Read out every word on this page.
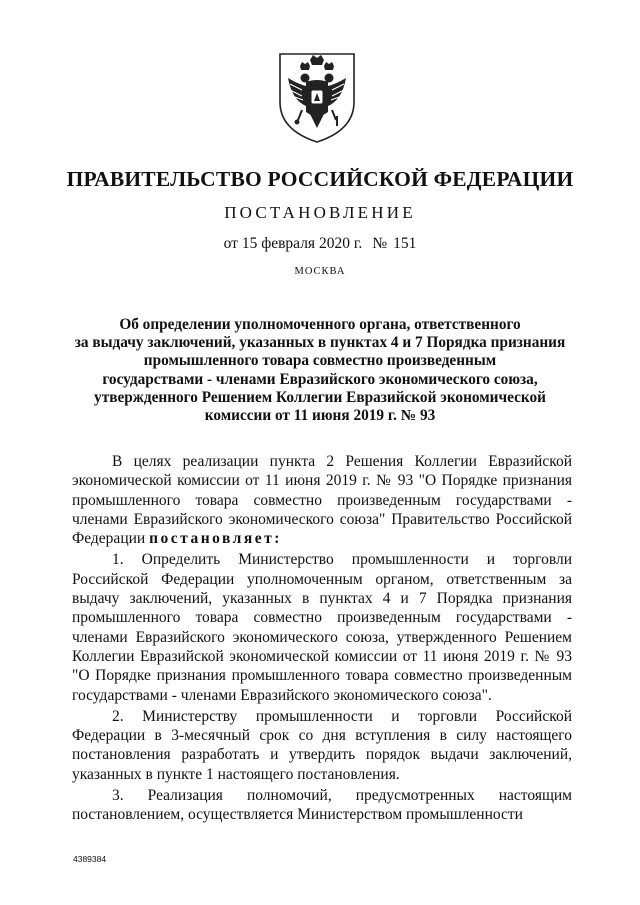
ПРАВИТЕЛЬСТВО РОССИЙСКОЙ ФЕДЕРАЦИИ
ПОСТАНОВЛЕНИЕ
от 15 февраля 2020 г. № 151
МОСКВА
Об определении уполномоченного органа, ответственного
за выдачу заключений, указанных в пунктах 4 и 7 Порядка признания
промышленного товара совместно произведенным
государствами - членами Евразийского экономического союза,
утвержденного Решением Коллегии Евразийской экономической
комиссии от 11 июня 2019 г. № 93

В целях реализации пункта 2 Решения Коллегии Евразийской экономической комиссии от 11 июня 2019 г. № 93 "О Порядке признания промышленного товара совместно произведенным государствами - членами Евразийского экономического союза" Правительство Российской Федерации постановляет:

1. Определить Министерство промышленности и торговли Российской Федерации уполномоченным органом, ответственным за выдачу заключений, указанных в пунктах 4 и 7 Порядка признания промышленного товара совместно произведенным государствами - членами Евразийского экономического союза, утвержденного Решением Коллегии Евразийской экономической комиссии от 11 июня 2019 г. № 93 "О Порядке признания промышленного товара совместно произведенным государствами - членами Евразийского экономического союза".

2. Министерству промышленности и торговли Российской Федерации в 3-месячный срок со дня вступления в силу настоящего постановления разработать и утвердить порядок выдачи заключений, указанных в пункте 1 настоящего постановления.

3. Реализация полномочий, предусмотренных настоящим постановлением, осуществляется Министерством промышленности

4389384
